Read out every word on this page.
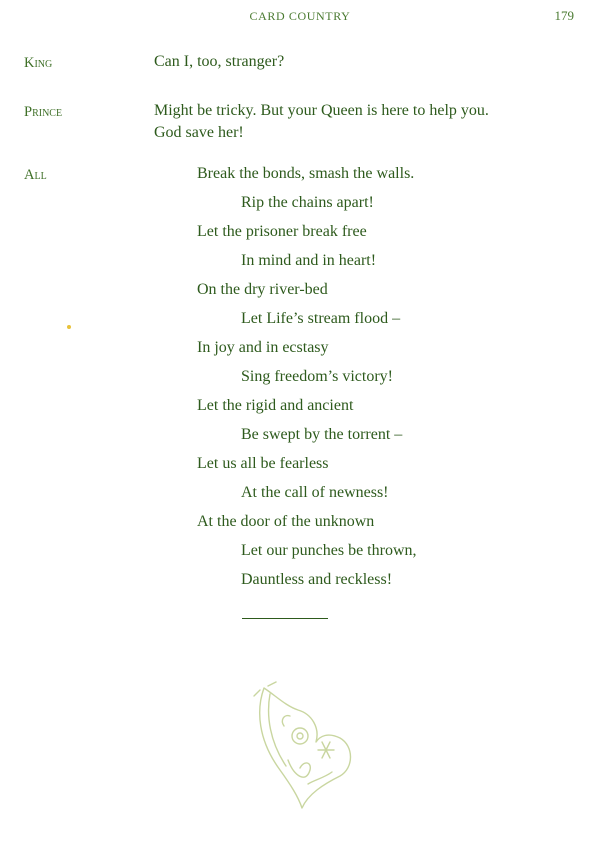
CARD COUNTRY	179
King	Can I, too, stranger?
Prince	Might be tricky. But your Queen is here to help you.
God save her!
All	Break the bonds, smash the walls.
Rip the chains apart!
Let the prisoner break free
In mind and in heart!
On the dry river-bed
Let Life’s stream flood –
In joy and in ecstasy
Sing freedom’s victory!
Let the rigid and ancient
Be swept by the torrent –
Let us all be fearless
At the call of newness!
At the door of the unknown
Let our punches be thrown,
Dauntless and reckless!
